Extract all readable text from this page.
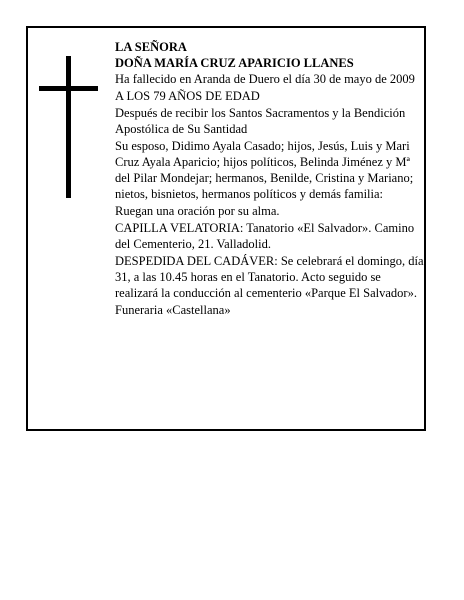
LA SEÑORA

DOÑA MARÍA CRUZ APARICIO LLANES

Ha fallecido en Aranda de Duero el día 30 de mayo de 2009

A LOS 79 AÑOS DE EDAD

Después de recibir los Santos Sacramentos y la Bendición Apostólica de Su Santidad

Su esposo, Didimo Ayala Casado; hijos, Jesús, Luis y Mari Cruz Ayala Aparicio; hijos políticos, Belinda Jiménez y Mª del Pilar Mondejar; hermanos, Benilde, Cristina y Mariano; nietos, bisnietos, hermanos políticos y demás familia:

Ruegan una oración por su alma.

CAPILLA VELATORIA: Tanatorio «El Salvador». Camino del Cementerio, 21. Valladolid.

DESPEDIDA DEL CADÁVER: Se celebrará el domingo, día 31, a las 10.45 horas en el Tanatorio. Acto seguido se realizará la conducción al cementerio «Parque El Salvador».

Funeraria «Castellana»
